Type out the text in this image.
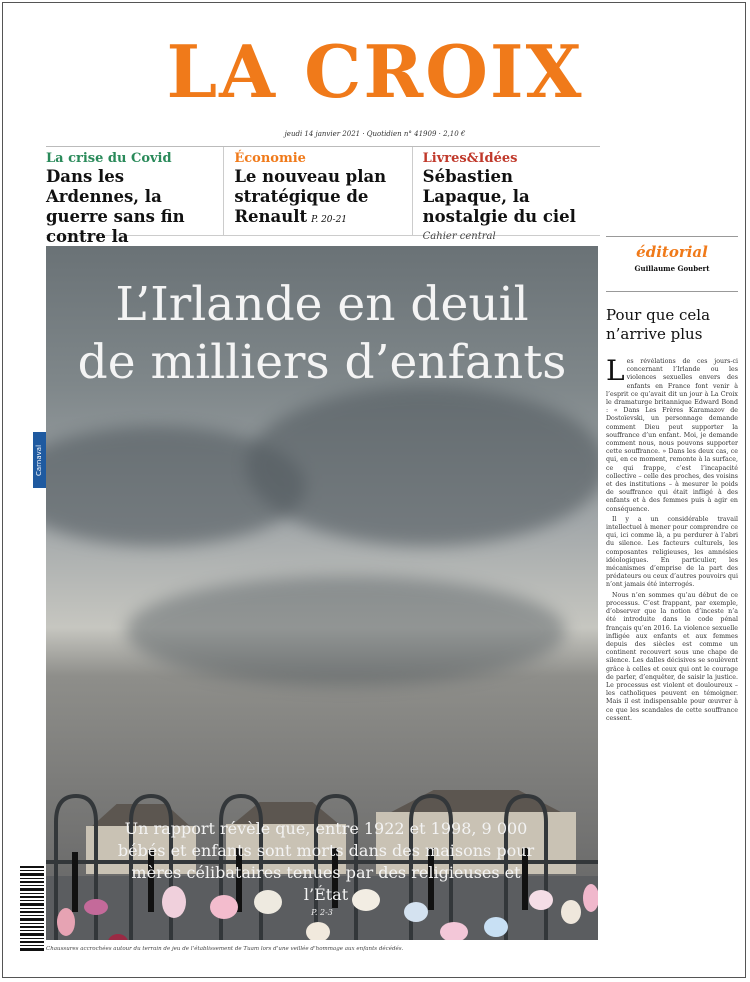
LA CROIX
jeudi 14 janvier 2021 · Quotidien n° 41909 · 2,10 €
La crise du Covid
Dans les Ardennes, la guerre sans fin contre la
Économie
Le nouveau plan stratégique de Renault P. 20-21
Livres&Idées
Sébastien Lapaque, la nostalgie du ciel
Cahier central
L’Irlande en deuil
de milliers d’enfants
Un rapport révèle que, entre 1922 et 1998, 9 000 bébés et enfants sont morts dans des maisons pour mères célibataires tenues par des religieuses et l’État
P. 2-3
Chaussures accrochées autour du terrain de jeu de l’établissement de Tuam lors d’une veillée d’hommage aux enfants décédés.
Carnaval
éditorial
Guillaume Goubert
Pour que cela n’arrive plus
L es révélations de ces jours-ci concernant l’Irlande ou les violences sexuelles envers des enfants en France font venir à l’esprit ce qu’avait dit un jour à La Croix le dramaturge britannique Edward Bond : « Dans Les Frères Karamazov de Dostoïevski, un personnage demande comment Dieu peut supporter la souffrance d’un enfant. Moi, je demande comment nous, nous pouvons supporter cette souffrance. » Dans les deux cas, ce qui, en ce moment, remonte à la surface, ce qui frappe, c’est l’incapacité collective – celle des proches, des voisins et des institutions – à mesurer le poids de souffrance qui était infligé à des enfants et à des femmes puis à agir en conséquence.

Il y a un considérable travail intellectuel à mener pour comprendre ce qui, ici comme là, a pu perdurer à l’abri du silence. Les facteurs culturels, les composantes religieuses, les amnésies idéologiques. En particulier, les mécanismes d’emprise de la part des prédateurs ou ceux d’autres pouvoirs qui n’ont jamais été interrogés.

Nous n’en sommes qu’au début de ce processus. C’est frappant, par exemple, d’observer que la notion d’inceste n’a été introduite dans le code pénal français qu’en 2016. La violence sexuelle infligée aux enfants et aux femmes depuis des siècles est comme un continent recouvert sous une chape de silence. Les dalles décisives se soulèvent grâce à celles et ceux qui ont le courage de parler, d’enquêter, de saisir la justice. Le processus est violent et douloureux – les catholiques peuvent en témoigner. Mais il est indispensable pour œuvrer à ce que les scandales de cette souffrance cessent.
